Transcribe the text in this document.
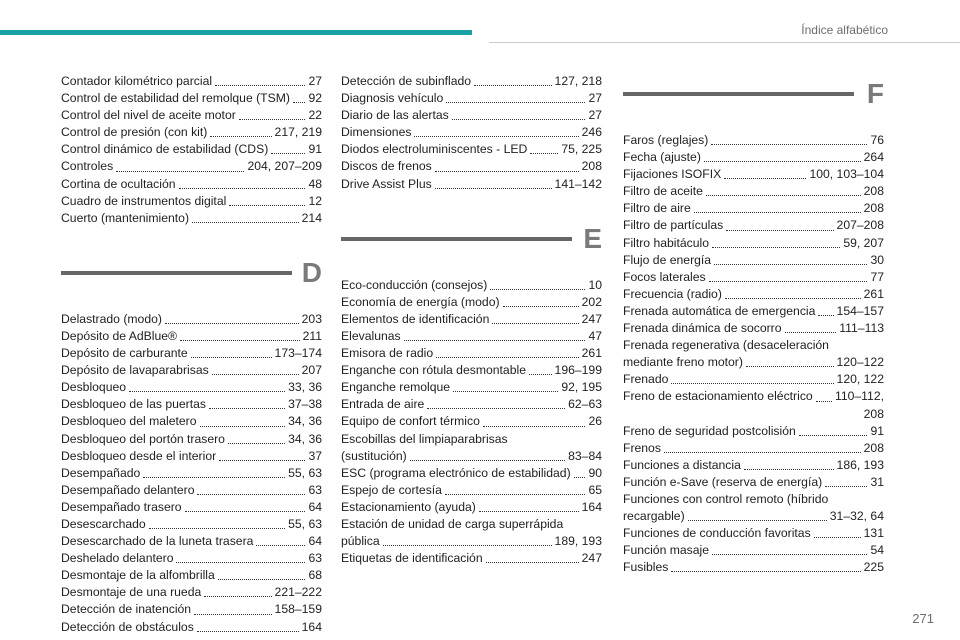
Índice alfabético
Contador kilométrico parcial	27
Control de estabilidad del remolque (TSM) 92
Control del nivel de aceite motor	22
Control de presión (con kit)	217, 219
Control dinámico de estabilidad (CDS)	91
Controles	204, 207–209
Cortina de ocultación	48
Cuadro de instrumentos digital	12
Cuerto (mantenimiento)	214
D
Delastrado (modo)	203
Depósito de AdBlue®	211
Depósito de carburante	173–174
Depósito de lavaparabrisas	207
Desbloqueo	33, 36
Desbloqueo de las puertas	37–38
Desbloqueo del maletero	34, 36
Desbloqueo del portón trasero	34, 36
Desbloqueo desde el interior	37
Desempañado	55, 63
Desempañado delantero	63
Desempañado trasero	64
Desescarchado	55, 63
Desescarchado de la luneta trasera	64
Deshelado delantero	63
Desmontaje de la alfombrilla	68
Desmontaje de una rueda	221–222
Detección de inatención	158–159
Detección de obstáculos	164
Detección de subinflado	127, 218
Diagnosis vehículo	27
Diario de las alertas	27
Dimensiones	246
Diodos electroluminiscentes - LED	75, 225
Discos de frenos	208
Drive Assist Plus	141–142
E
Eco-conducción (consejos)	10
Economía de energía (modo)	202
Elementos de identificación	247
Elevalunas	47
Emisora de radio	261
Enganche con rótula desmontable 196–199
Enganche remolque	92, 195
Entrada de aire	62–63
Equipo de confort térmico	26
Escobillas del limpiaparabrisas
(sustitución)	83–84
ESC (programa electrónico de estabilidad) 90
Espejo de cortesía	65
Estacionamiento (ayuda)	164
Estación de unidad de carga superrápida
pública	189, 193
Etiquetas de identificación	247
F
Faros (reglajes)	76
Fecha (ajuste)	264
Fijaciones ISOFIX	100, 103–104
Filtro de aceite	208
Filtro de aire	208
Filtro de partículas	207–208
Filtro habitáculo	59, 207
Flujo de energía	30
Focos laterales	77
Frecuencia (radio)	261
Frenada automática de emergencia 154–157
Frenada dinámica de socorro	111–113
Frenada regenerativa (desaceleración
mediante freno motor)	120–122
Frenado	120, 122
Freno de estacionamiento eléctrico 110–112,
208
Freno de seguridad postcolisión	91
Frenos	208
Funciones a distancia	186, 193
Función e-Save (reserva de energía)	31
Funciones con control remoto (híbrido
recargable)	31–32, 64
Funciones de conducción favoritas	131
Función masaje	54
Fusibles	225
271
